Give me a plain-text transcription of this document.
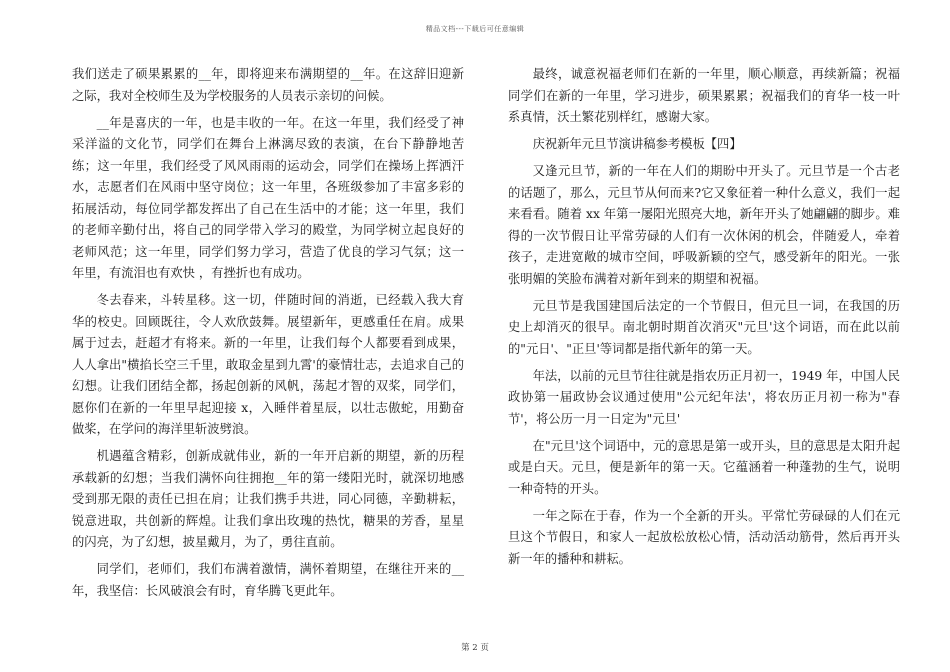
精品文档---下载后可任意编辑

我们送走了硕果累累的__年，即将迎来布满期望的__年。在这辞旧迎新之际，我对全校师生及为学校服务的人员表示亲切的问候。

__年是喜庆的一年，也是丰收的一年。在这一年里，我们经受了神采洋溢的文化节，同学们在舞台上淋漓尽致的表演，在台下静静地苦练；这一年里，我们经受了风风雨雨的运动会，同学们在操场上挥洒汗水，志愿者们在风雨中坚守岗位；这一年里，各班级参加了丰富多彩的拓展活动，每位同学都发挥出了自己在生活中的才能；这一年里，我们的老师辛勤付出，将自己的同学带入学习的殿堂，为同学树立起良好的老师风范；这一年里，同学们努力学习，营造了优良的学习气氛；这一年里，有流泪也有欢快 ，有挫折也有成功。

冬去春来，斗转星移。这一切，伴随时间的消逝，已经载入我大育华的校史。回顾既往，令人欢欣鼓舞。展望新年，更感重任在肩。成果属于过去，赶超才有将来。新的一年里，让我们每个人都要看到成果，人人拿出"横掐长空三千里，敢取金星到九霄'的豪情壮志，去追求自己的幻想。让我们团结全都，扬起创新的风帆，荡起才智的双桨，同学们，愿你们在新的一年里早起迎接 x，入睡伴着星辰，以壮志傲蛇，用勤奋做桨，在学问的海洋里斩波劈浪。

机遇蕴含精彩，创新成就伟业，新的一年开启新的期望，新的历程承载新的幻想；当我们满怀向往拥抱__年的第一缕阳光时，就深切地感受到那无限的责任已担在肩；让我们携手共进，同心同德，辛勤耕耘，锐意进取，共创新的辉煌。让我们拿出玫瑰的热忱，糖果的芳香，星星的闪亮，为了幻想，披星戴月，为了，勇往直前。

同学们，老师们，我们布满着激情，满怀着期望，在继往开来的__年，我坚信：长风破浪会有时，育华腾飞更此年。

最终，诚意祝福老师们在新的一年里，顺心顺意，再续新篇；祝福同学们在新的一年里，学习进步，硕果累累；祝福我们的育华一枝一叶系真情，沃土繁花别样红，感谢大家。

庆祝新年元旦节演讲稿参考模板【四】

又逢元旦节，新的一年在人们的期盼中开头了。元旦节是一个古老的话题了，那么，元旦节从何而来?它又象征着一种什么意义，我们一起来看看。随着 xx 年第一屡阳光照亮大地，新年开头了她翩翩的脚步。难得的一次节假日让平常劳碌的人们有一次休闲的机会，伴随爱人，牵着孩子，走进宽敞的城市空间，呼吸新颖的空气，感受新年的阳光。一张张明媚的笑脸布满着对新年到来的期望和祝福。

元旦节是我国建国后法定的一个节假日，但元旦一词，在我国的历史上却消灭的很早。南北朝时期首次消灭"元旦'这个词语，而在此以前的"元日'、"正旦'等词都是指代新年的第一天。

年法，以前的元旦节往往就是指农历正月初一，1949 年，中国人民政协第一届政协会议通过使用"公元纪年法'，将农历正月初一称为"春节'，将公历一月一日定为"元旦'

在"元旦'这个词语中，元的意思是第一或开头，旦的意思是太阳升起或是白天。元旦，便是新年的第一天。它蕴涵着一种蓬勃的生气，说明一种奇特的开头。

一年之际在于春，作为一个全新的开头。平常忙劳碌碌的人们在元旦这个节假日，和家人一起放松放松心情，活动活动筋骨，然后再开头新一年的播种和耕耘。

第 2 页
